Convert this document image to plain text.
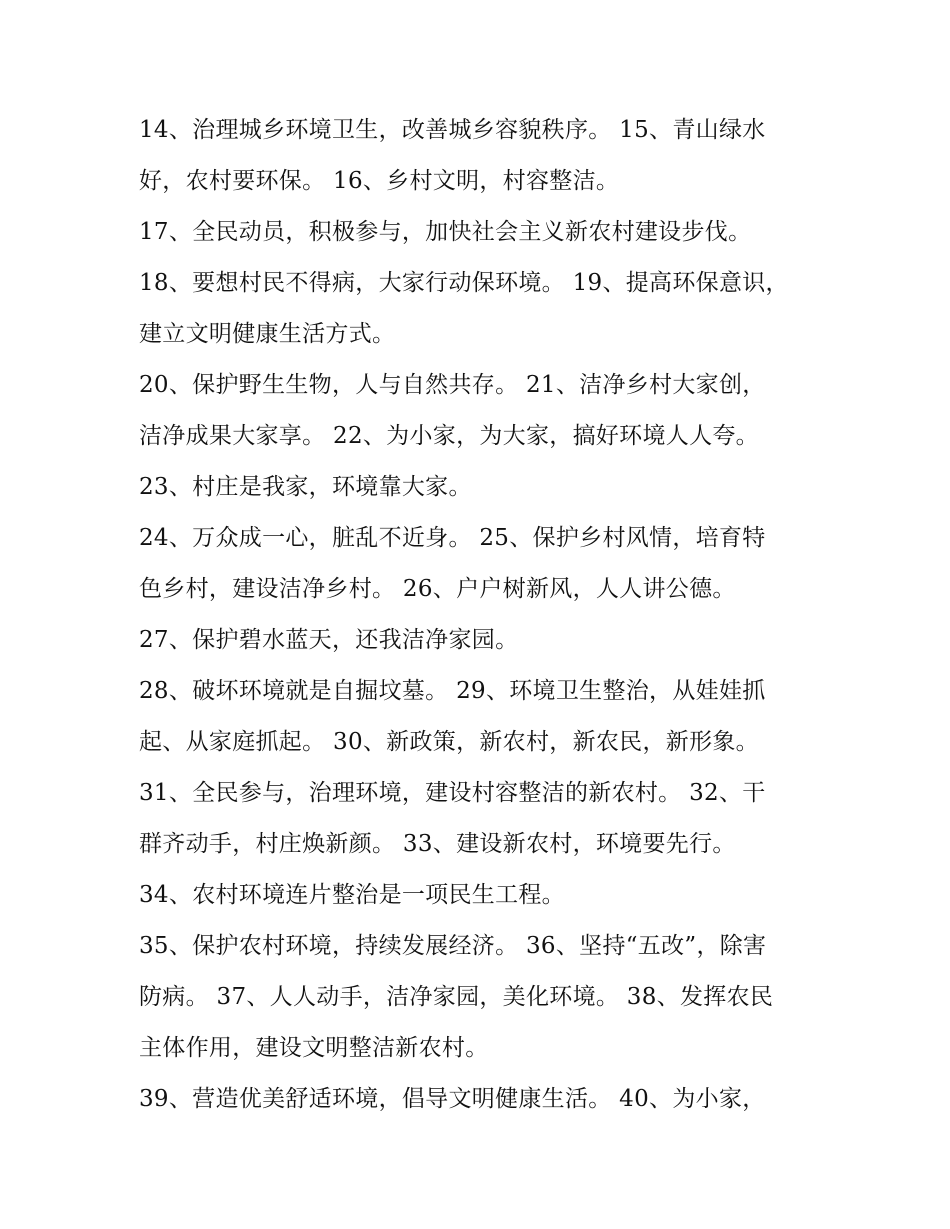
14、治理城乡环境卫生，改善城乡容貌秩序。 15、青山绿水
好，农村要环保。 16、乡村文明，村容整洁。
17、全民动员，积极参与，加快社会主义新农村建设步伐。
18、要想村民不得病，大家行动保环境。 19、提高环保意识，
建立文明健康生活方式。
20、保护野生生物，人与自然共存。 21、洁净乡村大家创，
洁净成果大家享。 22、为小家，为大家，搞好环境人人夸。
23、村庄是我家，环境靠大家。
24、万众成一心，脏乱不近身。 25、保护乡村风情，培育特
色乡村，建设洁净乡村。 26、户户树新风，人人讲公德。
27、保护碧水蓝天，还我洁净家园。
28、破坏环境就是自掘坟墓。 29、环境卫生整治，从娃娃抓
起、从家庭抓起。 30、新政策，新农村，新农民，新形象。
31、全民参与，治理环境，建设村容整洁的新农村。 32、干
群齐动手，村庄焕新颜。 33、建设新农村，环境要先行。
34、农村环境连片整治是一项民生工程。
35、保护农村环境，持续发展经济。 36、坚持“五改”，除害
防病。 37、人人动手，洁净家园，美化环境。 38、发挥农民
主体作用，建设文明整洁新农村。
39、营造优美舒适环境，倡导文明健康生活。 40、为小家，
